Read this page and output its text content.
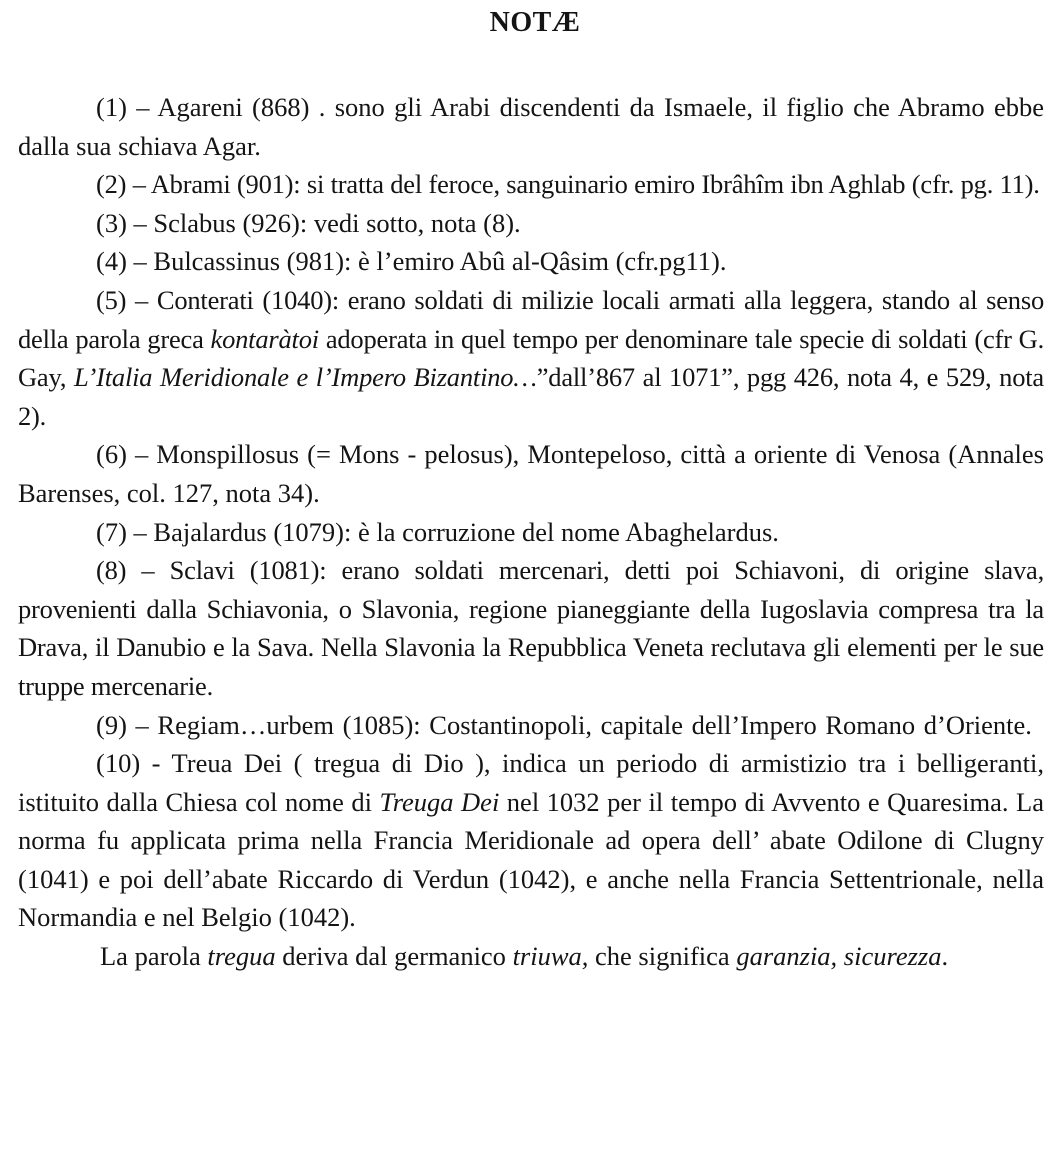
NOTÆ

(1) – Agareni (868) . sono gli Arabi discendenti da Ismaele, il figlio che Abramo ebbe dalla sua schiava Agar.

(2) – Abrami (901): si tratta del feroce, sanguinario emiro Ibrâhîm ibn Aghlab (cfr. pg. 11).

(3) – Sclabus (926): vedi sotto, nota (8).

(4) – Bulcassinus (981): è l’emiro Abû al-Qâsim (cfr.pg11).

(5) – Conterati (1040): erano soldati di milizie locali armati alla leggera, stando al senso della parola greca kontaràtoi adoperata in quel tempo per denominare tale specie di soldati (cfr G. Gay, L’Italia Meridionale e l’Impero Bizantino…”dall’867 al 1071”, pgg 426, nota 4, e 529, nota 2).

(6) – Monspillosus (= Mons - pelosus), Montepeloso, città a oriente di Venosa (Annales Barenses, col. 127, nota 34).

(7) – Bajalardus (1079): è la corruzione del nome Abaghelardus.

(8) – Sclavi (1081): erano soldati mercenari, detti poi Schiavoni, di origine slava, provenienti dalla Schiavonia, o Slavonia, regione pianeggiante della Iugoslavia compresa tra la Drava, il Danubio e la Sava. Nella Slavonia la Repubblica Veneta reclutava gli elementi per le sue truppe mercenarie.

(9) – Regiam…urbem (1085): Costantinopoli, capitale dell’Impero Romano d’Oriente.

(10) - Treua Dei ( tregua di Dio ), indica un periodo di armistizio tra i belligeranti, istituito dalla Chiesa col nome di Treuga Dei nel 1032 per il tempo di Avvento e Quaresima. La norma fu applicata prima nella Francia Meridionale ad opera dell’ abate Odilone di Clugny (1041) e poi dell’abate Riccardo di Verdun (1042), e anche nella Francia Settentrionale, nella Normandia e nel Belgio (1042).

La parola tregua deriva dal germanico triuwa, che significa garanzia, sicurezza.
